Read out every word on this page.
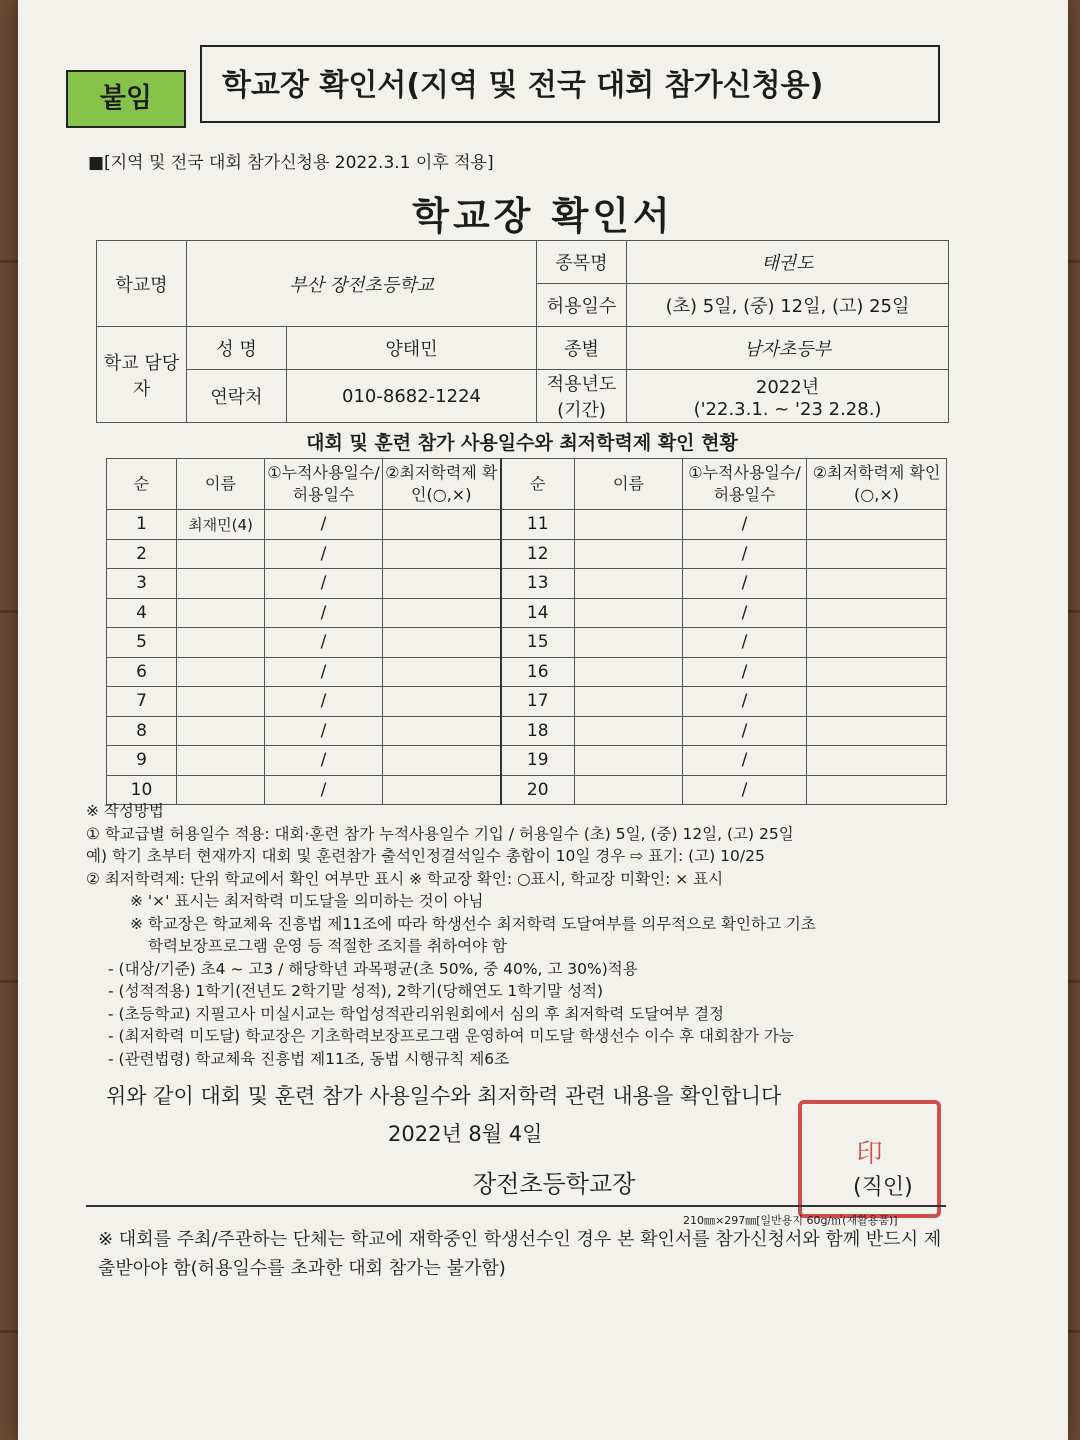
붙임	학교장 확인서(지역 및 전국 대회 참가신청용)
■[지역 및 전국 대회 참가신청용 2022.3.1 이후 적용]
학교장 확인서
학교명	부산 장전초등학교		종목명	태권도
			허용일수	(초) 5일, (중) 12일, (고) 25일
학교 담당자	성 명	양태민	종별	남자초등부
	연락처	010-8682-1224	적용년도 (기간)	2022년
('22.3.1. ~ '23 2.28.)
대회 및 훈련 참가 사용일수와 최저학력제 확인 현황
순	이름	①누적사용일수/허용일수	②최저학력제 확인(○,×)	순	이름	①누적사용일수/허용일수	②최저학력제 확인(○,×)
1	최재민(4)	/		11		/	
2		/		12		/	
3		/		13		/	
4		/		14		/	
5		/		15		/	
6		/		16		/	
7		/		17		/	
8		/		18		/	
9		/		19		/	
10		/		20		/	
※ 작성방법
① 학교급별 허용일수 적용: 대회·훈련 참가 누적사용일수 기입 / 허용일수 (초) 5일, (중) 12일, (고) 25일
예) 학기 초부터 현재까지 대회 및 훈련참가 출석인정결석일수 총합이 10일 경우 ⇨ 표기: (고) 10/25
② 최저학력제: 단위 학교에서 확인 여부만 표시 ※ 학교장 확인: ○표시, 학교장 미확인: × 표시
※ '×' 표시는 최저학력 미도달을 의미하는 것이 아님
※ 학교장은 학교체육 진흥법 제11조에 따라 학생선수 최저학력 도달여부를 의무적으로 확인하고 기초
학력보장프로그램 운영 등 적절한 조치를 취하여야 함
- (대상/기준) 초4 ~ 고3 / 해당학년 과목평균(초 50%, 중 40%, 고 30%)적용
- (성적적용) 1학기(전년도 2학기말 성적), 2학기(당해연도 1학기말 성적)
- (초등학교) 지필고사 미실시교는 학업성적관리위원회에서 심의 후 최저학력 도달여부 결정
- (최저학력 미도달) 학교장은 기초학력보장프로그램 운영하여 미도달 학생선수 이수 후 대회참가 가능
- (관련법령) 학교체육 진흥법 제11조, 동법 시행규칙 제6조
위와 같이 대회 및 훈련 참가 사용일수와 최저학력 관련 내용을 확인합니다
2022년 8월 4일
장전초등학교장
印
(직인)
210㎜×297㎜[일반용지 60g/㎡(재활용품)]
※ 대회를 주최/주관하는 단체는 학교에 재학중인 학생선수인 경우 본 확인서를 참가신청서와 함께 반드시 제출받아야 함(허용일수를 초과한 대회 참가는 불가함)
